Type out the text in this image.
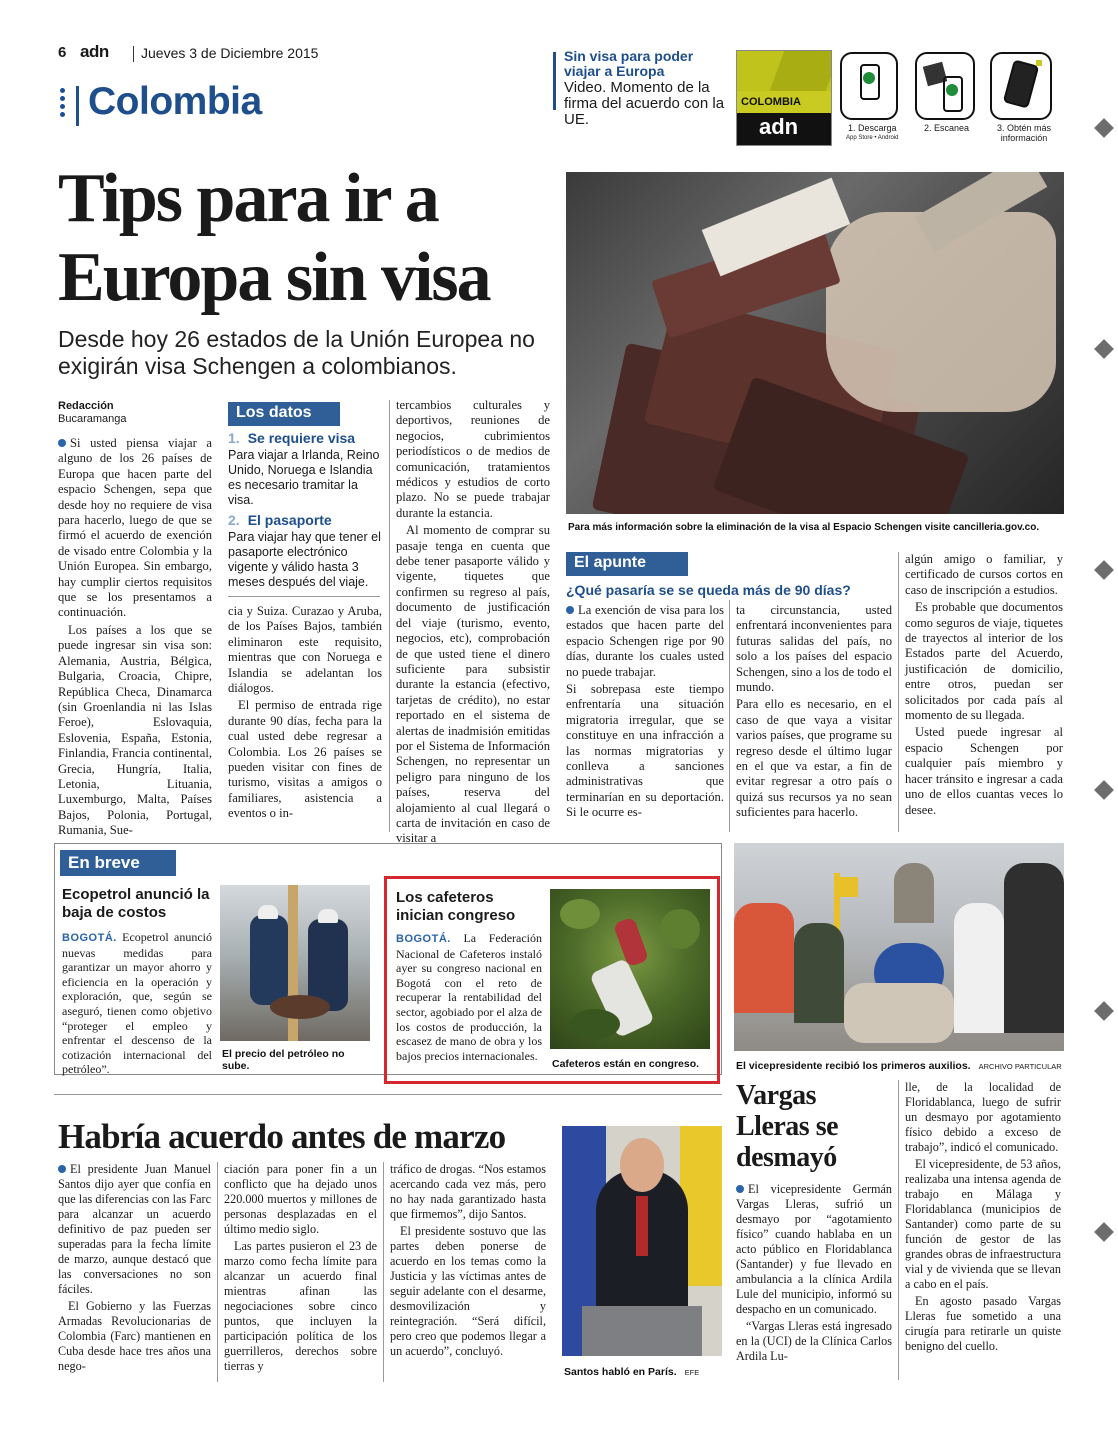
6 adn Jueves 3 de Diciembre 2015
Colombia
Sin visa para poder viajar a Europa
Video. Momento de la firma del acuerdo con la UE.
COLOMBIA
adn	1. Descarga
App Store • Android
2. Escanea	3. Obtén más información
Tips para ir a
Europa sin visa
Desde hoy 26 estados de la Unión Europea no exigirán visa Schengen a colombianos.
Redacción
Bucaramanga

Si usted piensa viajar a alguno de los 26 países de Europa que hacen parte del espacio Schengen, sepa que desde hoy no requiere de visa para hacerlo, luego de que se firmó el acuerdo de exención de visado entre Colombia y la Unión Europea. Sin embargo, hay cumplir ciertos requisitos que se los presentamos a continuación.

Los países a los que se puede ingresar sin visa son: Alemania, Austria, Bélgica, Bulgaria, Croacia, Chipre, República Checa, Dinamarca (sin Groenlandia ni las Islas Feroe), Eslovaquia, Eslovenia, España, Estonia, Finlandia, Francia continental, Grecia, Hungría, Italia, Letonia, Lituania, Luxemburgo, Malta, Países Bajos, Polonia, Portugal, Rumania, Sue-

Los datos
1. Se requiere visa
Para viajar a Irlanda, Reino Unido, Noruega e Islandia es necesario tramitar la visa.
2. El pasaporte
Para viajar hay que tener el pasaporte electrónico vigente y válido hasta 3 meses después del viaje.

cia y Suiza. Curazao y Aruba, de los Países Bajos, también eliminaron este requisito, mientras que con Noruega e Islandia se adelantan los diálogos.

El permiso de entrada rige durante 90 días, fecha para la cual usted debe regresar a Colombia. Los 26 países se pueden visitar con fines de turismo, visitas a amigos o familiares, asistencia a eventos o in-

tercambios culturales y deportivos, reuniones de negocios, cubrimientos periodísticos o de medios de comunicación, tratamientos médicos y estudios de corto plazo. No se puede trabajar durante la estancia.

Al momento de comprar su pasaje tenga en cuenta que debe tener pasaporte válido y vigente, tiquetes que confirmen su regreso al país, documento de justificación del viaje (turismo, evento, negocios, etc), comprobación de que usted tiene el dinero suficiente para subsistir durante la estancia (efectivo, tarjetas de crédito), no estar reportado en el sistema de alertas de inadmisión emitidas por el Sistema de Información Schengen, no representar un peligro para ninguno de los países, reserva del alojamiento al cual llegará o carta de invitación en caso de visitar a

Para más información sobre la eliminación de la visa al Espacio Schengen visite cancilleria.gov.co.
El apunte
¿Qué pasaría se se queda más de 90 días?

La exención de visa para los estados que hacen parte del espacio Schengen rige por 90 días, durante los cuales usted no puede trabajar.

Si sobrepasa este tiempo enfrentaría una situación migratoria irregular, que se constituye en una infracción a las normas migratorias y conlleva a sanciones administrativas que terminarían en su deportación. Si le ocurre es-

ta circunstancia, usted enfrentará inconvenientes para futuras salidas del país, no solo a los países del espacio Schengen, sino a los de todo el mundo.

Para ello es necesario, en el caso de que vaya a visitar varios países, que programe su regreso desde el último lugar en el que va estar, a fin de evitar regresar a otro país o quizá sus recursos ya no sean suficientes para hacerlo.

algún amigo o familiar, y certificado de cursos cortos en caso de inscripción a estudios.

Es probable que documentos como seguros de viaje, tiquetes de trayectos al interior de los Estados parte del Acuerdo, justificación de domicilio, entre otros, puedan ser solicitados por cada país al momento de su llegada.

Usted puede ingresar al espacio Schengen por cualquier país miembro y hacer tránsito e ingresar a cada uno de ellos cuantas veces lo desee.

En breve
Ecopetrol anunció la baja de costos

BOGOTÁ. Ecopetrol anunció nuevas medidas para garantizar un mayor ahorro y eficiencia en la operación y exploración, que, según se aseguró, tienen como objetivo “proteger el empleo y enfrentar el descenso de la cotización internacional del petróleo”.

El precio del petróleo no sube.
Los cafeteros inician congreso

BOGOTÁ. La Federación Nacional de Cafeteros instaló ayer su congreso nacional en Bogotá con el reto de recuperar la rentabilidad del sector, agobiado por el alza de los costos de producción, la escasez de mano de obra y los bajos precios internacionales.

Cafeteros están en congreso.	El vicepresidente recibió los primeros auxilios. ARCHIVO PARTICULAR
Habría acuerdo antes de marzo

El presidente Juan Manuel Santos dijo ayer que confía en que las diferencias con las Farc para alcanzar un acuerdo definitivo de paz pueden ser superadas para la fecha límite de marzo, aunque destacó que las conversaciones no son fáciles.

El Gobierno y las Fuerzas Armadas Revolucionarias de Colombia (Farc) mantienen en Cuba desde hace tres años una nego-

ciación para poner fin a un conflicto que ha dejado unos 220.000 muertos y millones de personas desplazadas en el último medio siglo.

Las partes pusieron el 23 de marzo como fecha límite para alcanzar un acuerdo final mientras afinan las negociaciones sobre cinco puntos, que incluyen la participación política de los guerrilleros, derechos sobre tierras y

tráfico de drogas. “Nos estamos acercando cada vez más, pero no hay nada garantizado hasta que firmemos”, dijo Santos.

El presidente sostuvo que las partes deben ponerse de acuerdo en los temas como la Justicia y las víctimas antes de seguir adelante con el desarme, desmovilización y reintegración. “Será difícil, pero creo que podemos llegar a un acuerdo”, concluyó.

Santos habló en París. EFE
Vargas Lleras se desmayó

El vicepresidente Germán Vargas Lleras, sufrió un desmayo por “agotamiento físico” cuando hablaba en un acto público en Floridablanca (Santander) y fue llevado en ambulancia a la clínica Ardila Lule del municipio, informó su despacho en un comunicado.

“Vargas Lleras está ingresado en la (UCI) de la Clínica Carlos Ardila Lu-

lle, de la localidad de Floridablanca, luego de sufrir un desmayo por agotamiento físico debido a exceso de trabajo”, indicó el comunicado.

El vicepresidente, de 53 años, realizaba una intensa agenda de trabajo en Málaga y Floridablanca (municipios de Santander) como parte de su función de gestor de las grandes obras de infraestructura vial y de vivienda que se llevan a cabo en el país.

En agosto pasado Vargas Lleras fue sometido a una cirugía para retirarle un quiste benigno del cuello.
